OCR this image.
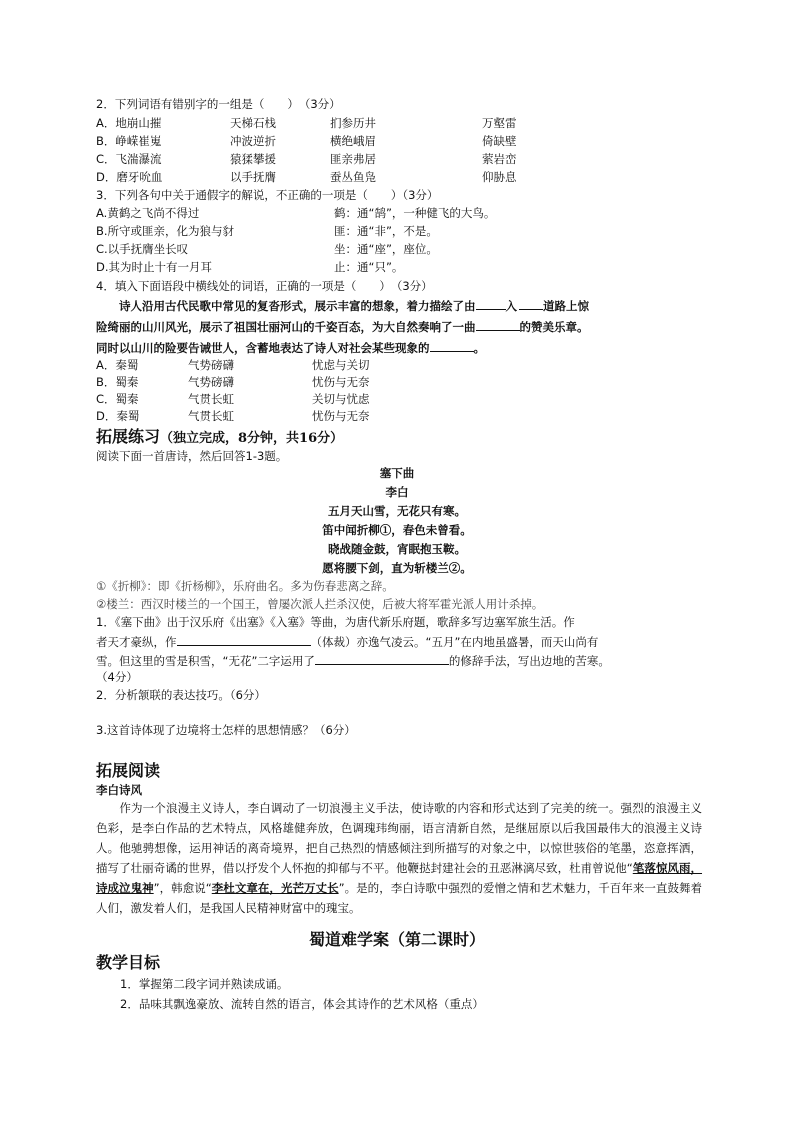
2．下列词语有错别字的一组是（　　）　（3分）
A．地崩山摧	天梯石栈	扪参历井	万壑雷
B．峥嵘崔嵬	冲波逆折	横绝峨眉	倚缺壁
C．飞湍瀑流	猿猱攀援	匪亲弗居	萦岩峦
D．磨牙吮血	以手抚膺	蚕丛鱼凫	仰胁息
3．下列各句中关于通假字的解说，不正确的一项是（　　）（3分）
A.黄鹤之飞尚不得过	鹤：通“鹄”，一种健飞的大鸟。
B.所守或匪亲，化为狼与豺	匪：通“非”，不是。
C.以手抚膺坐长叹	坐：通“座”，座位。
D.其为时止十有一月耳	止：通“只”。
4．填入下面语段中横线处的词语，正确的一项是（　　）　（3分）
　　诗人沿用古代民歌中常见的复沓形式，展示丰富的想象，着力描绘了由	入 道路上惊
险绮丽的山川风光，展示了祖国壮丽河山的千姿百态，为大自然奏响了一曲	的赞美乐章。
同时以山川的险要告诫世人，含蓄地表达了诗人对社会某些现象的	。
A．秦蜀	气势磅礴	忧虑与关切
B．蜀秦	气势磅礴	忧伤与无奈
C．蜀秦	气贯长虹	关切与忧虑
D．秦蜀	气贯长虹	忧伤与无奈
拓展练习（独立完成，8分钟，共16分）
阅读下面一首唐诗，然后回答1-3题。
塞下曲
李白
五月天山雪，无花只有寒。
笛中闻折柳①，春色未曾看。
晓战随金鼓，宵眠抱玉鞍。
愿将腰下剑，直为斩楼兰②。
①《折柳》：即《折杨柳》，乐府曲名。多为伤春悲离之辞。
②楼兰：西汉时楼兰的一个国王，曾屡次派人拦杀汉使，后被大将军霍光派人用计杀掉。
1．《塞下曲》出于汉乐府《出塞》《入塞》等曲，为唐代新乐府题，歌辞多写边塞军旅生活。作
者天才豪纵，作	（体裁）亦逸气凌云。“五月”在内地虽盛暑，而天山尚有
雪。但这里的雪是积雪，“无花”二字运用了	的修辞手法，写出边地的苦寒。
（4分）
2．分析颔联的表达技巧。（6分）
3.这首诗体现了边境将士怎样的思想情感？（6分）
拓展阅读
李白诗风
　　作为一个浪漫主义诗人，李白调动了一切浪漫主义手法，使诗歌的内容和形式达到了完美的统一。强烈的浪漫主义色彩，是李白作品的艺术特点，风格雄健奔放，色调瑰玮绚丽，语言清新自然，是继屈原以后我国最伟大的浪漫主义诗人。他驰骋想像，运用神话的离奇境界，把自己热烈的情感倾注到所描写的对象之中，以惊世骇俗的笔墨，恣意挥洒，描写了壮丽奇谲的世界，借以抒发个人怀抱的抑郁与不平。他鞭挞封建社会的丑恶淋漓尽致，杜甫曾说他“笔落惊风雨，诗成泣鬼神”，韩愈说“李杜文章在，光芒万丈长”。是的，李白诗歌中强烈的爱憎之情和艺术魅力，千百年来一直鼓舞着人们，激发着人们，是我国人民精神财富中的瑰宝。
蜀道难学案（第二课时）
教学目标
1．掌握第二段字词并熟读成诵。
2．品味其飘逸豪放、流转自然的语言，体会其诗作的艺术风格（重点）
